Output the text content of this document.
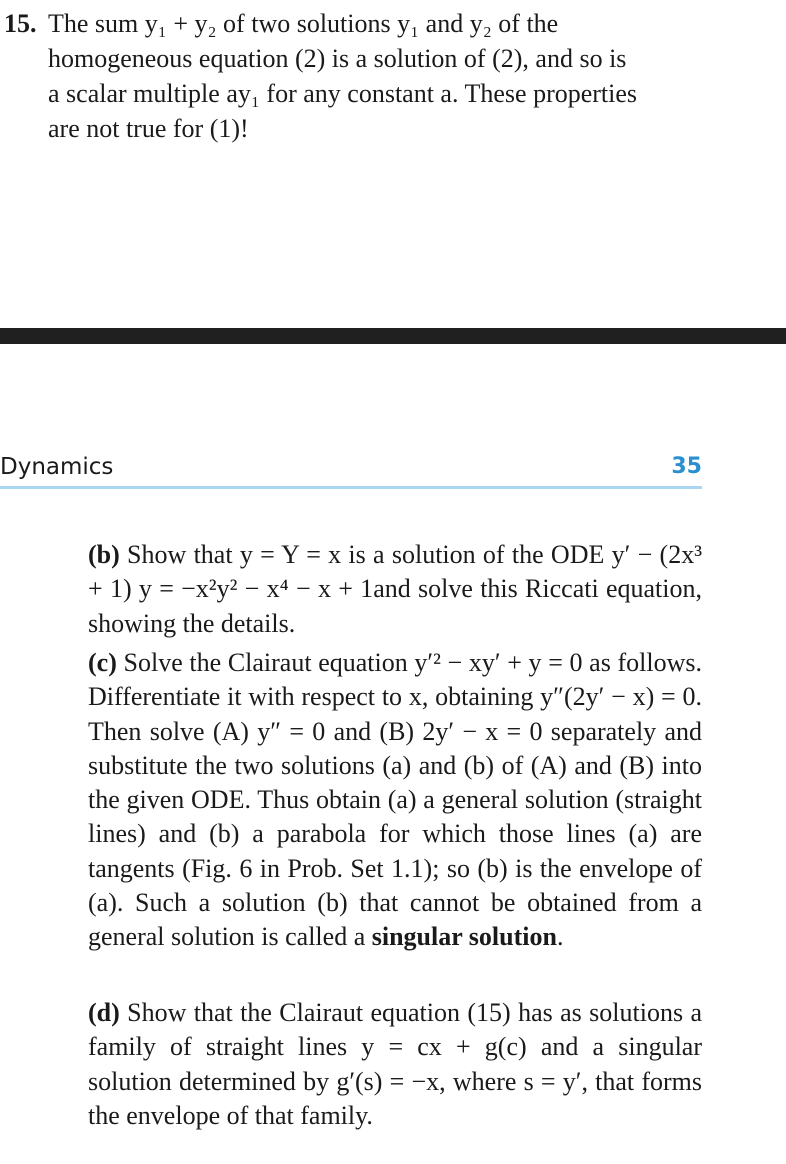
15. The sum y₁ + y₂ of two solutions y₁ and y₂ of the
homogeneous equation (2) is a solution of (2), and so is
a scalar multiple ay₁ for any constant a. These properties
are not true for (1)!
Dynamics	35
(b) Show that y = Y = x is a solution of the ODE y′ − (2x³ + 1) y = −x²y² − x⁴ − x + 1and solve this Riccati equation, showing the details.
(c) Solve the Clairaut equation y′² − xy′ + y = 0 as follows. Differentiate it with respect to x, obtaining y″(2y′ − x) = 0. Then solve (A) y″ = 0 and (B) 2y′ − x = 0 separately and substitute the two solutions (a) and (b) of (A) and (B) into the given ODE. Thus obtain (a) a general solution (straight lines) and (b) a parabola for which those lines (a) are tangents (Fig. 6 in Prob. Set 1.1); so (b) is the envelope of (a). Such a solution (b) that cannot be obtained from a general solution is called a singular solution.
(d) Show that the Clairaut equation (15) has as solutions a family of straight lines y = cx + g(c) and a singular solution determined by g′(s) = −x, where s = y′, that forms the envelope of that family.
